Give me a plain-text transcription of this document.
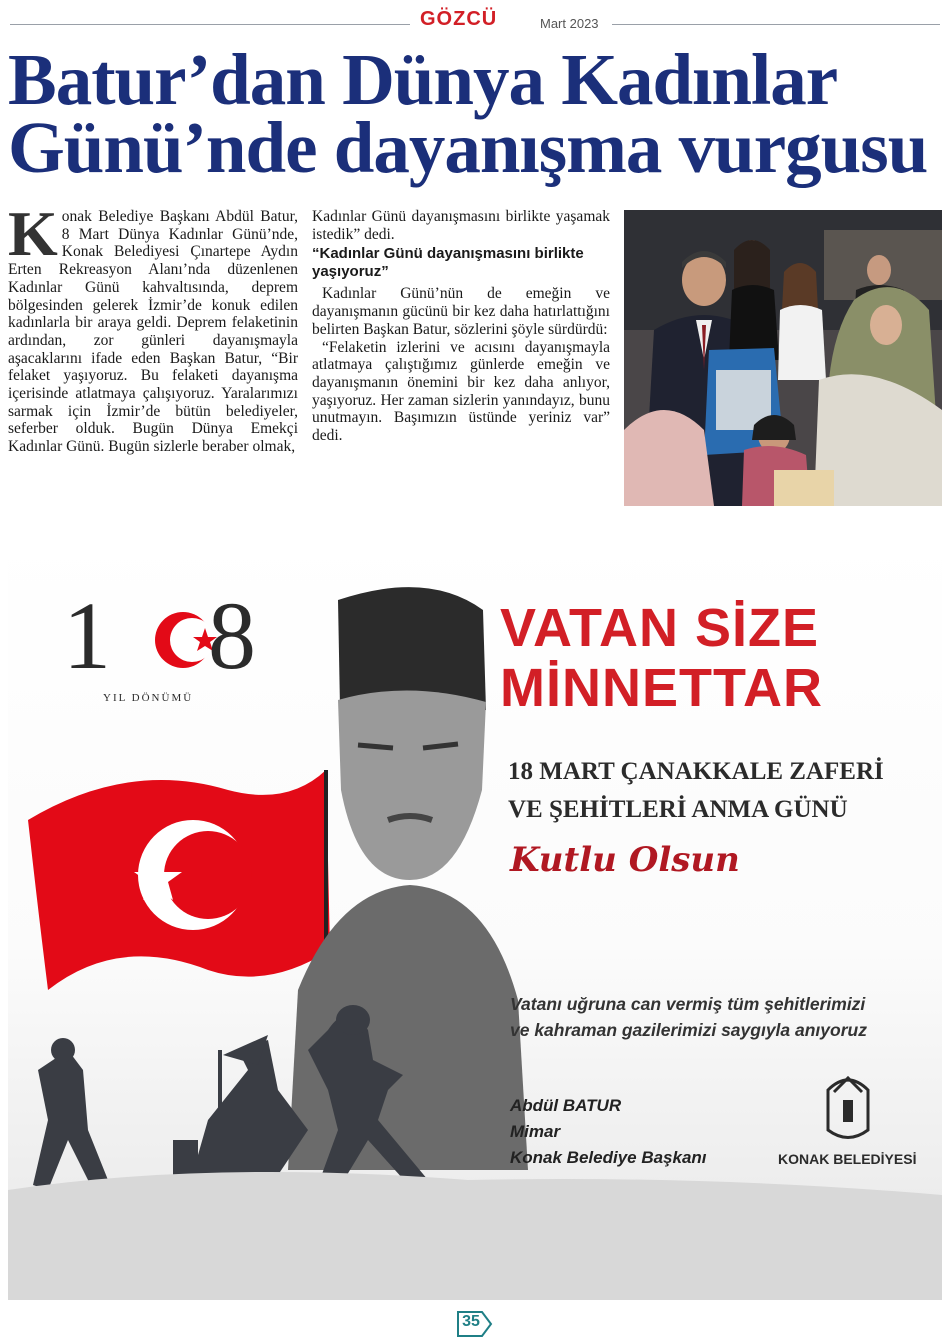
GÖZCÜ	Mart 2023
Batur’dan Dünya Kadınlar Günü’nde dayanışma vurgusu

Konak Belediye Başkanı Abdül Batur, 8 Mart Dünya Kadınlar Günü’nde, Konak Belediyesi Çınartepe Aydın Erten Rekreasyon Alanı’nda düzenlenen Kadınlar Günü kahvaltısında, deprem bölgesinden gelerek İzmir’de konuk edilen kadınlarla bir araya geldi. Deprem felaketinin ardından, zor günleri dayanışmayla aşacaklarını ifade eden Başkan Batur, “Bir felaket yaşıyoruz. Bu felaketi dayanışma içerisinde atlatmaya çalışıyoruz. Yaralarımızı sarmak için İzmir’de bütün belediyeler, seferber olduk. Bugün Dünya Emekçi Kadınlar Günü. Bugün sizlerle beraber olmak,

Kadınlar Günü dayanışmasını birlikte yaşamak istedik” dedi.

“Kadınlar Günü dayanışmasını birlikte yaşıyoruz”

Kadınlar Günü’nün de emeğin ve dayanışmanın gücünü bir kez daha hatırlattığını belirten Başkan Batur, sözlerini şöyle sürdürdü:

“Felaketin izlerini ve acısını dayanışmayla atlatmaya çalıştığımız günlerde emeğin ve dayanışmanın önemini bir kez daha anlıyor, yaşıyoruz. Her zaman sizlerin yanındayız, bunu unutmayın. Başımızın üstünde yeriniz var” dedi.

1 8
YIL DÖNÜMÜ
VATAN SİZE
MİNNETTAR
18 MART ÇANAKKALE ZAFERİ
VE ŞEHİTLERİ ANMA GÜNÜ
Kutlu Olsun
Vatanı uğruna can vermiş tüm şehitlerimizi
ve kahraman gazilerimizi saygıyla anıyoruz
Abdül BATUR
Mimar
Konak Belediye Başkanı	KONAK BELEDİYESİ
35
